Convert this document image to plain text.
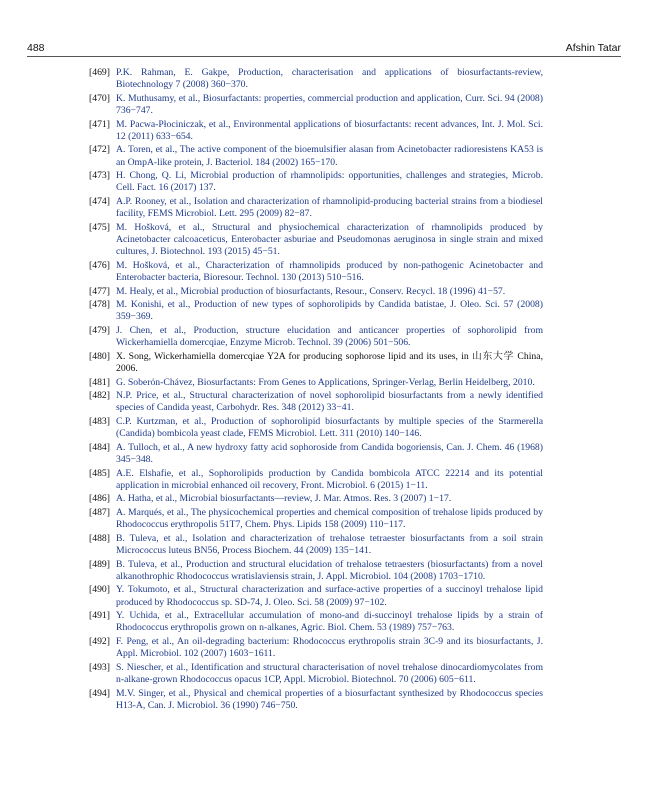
488	Afshin Tatar
[469] P.K. Rahman, E. Gakpe, Production, characterisation and applications of biosurfactants-review, Biotechnology 7 (2008) 360−370.
[470] K. Muthusamy, et al., Biosurfactants: properties, commercial production and application, Curr. Sci. 94 (2008) 736−747.
[471] M. Pacwa-Płociniczak, et al., Environmental applications of biosurfactants: recent advances, Int. J. Mol. Sci. 12 (2011) 633−654.
[472] A. Toren, et al., The active component of the bioemulsifier alasan from Acinetobacter radioresistens KA53 is an OmpA-like protein, J. Bacteriol. 184 (2002) 165−170.
[473] H. Chong, Q. Li, Microbial production of rhamnolipids: opportunities, challenges and strategies, Microb. Cell. Fact. 16 (2017) 137.
[474] A.P. Rooney, et al., Isolation and characterization of rhamnolipid-producing bacterial strains from a biodiesel facility, FEMS Microbiol. Lett. 295 (2009) 82−87.
[475] M. Hošková, et al., Structural and physiochemical characterization of rhamnolipids produced by Acinetobacter calcoaceticus, Enterobacter asburiae and Pseudomonas aeruginosa in single strain and mixed cultures, J. Biotechnol. 193 (2015) 45−51.
[476] M. Hošková, et al., Characterization of rhamnolipids produced by non-pathogenic Acinetobacter and Enterobacter bacteria, Bioresour. Technol. 130 (2013) 510−516.
[477] M. Healy, et al., Microbial production of biosurfactants, Resour., Conserv. Recycl. 18 (1996) 41−57.
[478] M. Konishi, et al., Production of new types of sophorolipids by Candida batistae, J. Oleo. Sci. 57 (2008) 359−369.
[479] J. Chen, et al., Production, structure elucidation and anticancer properties of sophorolipid from Wickerhamiella domercqiae, Enzyme Microb. Technol. 39 (2006) 501−506.
[480] X. Song, Wickerhamiella domercqiae Y2A for producing sophorose lipid and its uses, in 山东大学 China, 2006.
[481] G. Soberón-Chávez, Biosurfactants: From Genes to Applications, Springer-Verlag, Berlin Heidelberg, 2010.
[482] N.P. Price, et al., Structural characterization of novel sophorolipid biosurfactants from a newly identified species of Candida yeast, Carbohydr. Res. 348 (2012) 33−41.
[483] C.P. Kurtzman, et al., Production of sophorolipid biosurfactants by multiple species of the Starmerella (Candida) bombicola yeast clade, FEMS Microbiol. Lett. 311 (2010) 140−146.
[484] A. Tulloch, et al., A new hydroxy fatty acid sophoroside from Candida bogoriensis, Can. J. Chem. 46 (1968) 345−348.
[485] A.E. Elshafie, et al., Sophorolipids production by Candida bombicola ATCC 22214 and its potential application in microbial enhanced oil recovery, Front. Microbiol. 6 (2015) 1−11.
[486] A. Hatha, et al., Microbial biosurfactants—review, J. Mar. Atmos. Res. 3 (2007) 1−17.
[487] A. Marqués, et al., The physicochemical properties and chemical composition of trehalose lipids produced by Rhodococcus erythropolis 51T7, Chem. Phys. Lipids 158 (2009) 110−117.
[488] B. Tuleva, et al., Isolation and characterization of trehalose tetraester biosurfactants from a soil strain Micrococcus luteus BN56, Process Biochem. 44 (2009) 135−141.
[489] B. Tuleva, et al., Production and structural elucidation of trehalose tetraesters (biosurfactants) from a novel alkanothrophic Rhodococcus wratislaviensis strain, J. Appl. Microbiol. 104 (2008) 1703−1710.
[490] Y. Tokumoto, et al., Structural characterization and surface-active properties of a succinoyl trehalose lipid produced by Rhodococcus sp. SD-74, J. Oleo. Sci. 58 (2009) 97−102.
[491] Y. Uchida, et al., Extracellular accumulation of mono-and di-succinoyl trehalose lipids by a strain of Rhodococcus erythropolis grown on n-alkanes, Agric. Biol. Chem. 53 (1989) 757−763.
[492] F. Peng, et al., An oil-degrading bacterium: Rhodococcus erythropolis strain 3C-9 and its biosurfactants, J. Appl. Microbiol. 102 (2007) 1603−1611.
[493] S. Niescher, et al., Identification and structural characterisation of novel trehalose dinocardiomycolates from n-alkane-grown Rhodococcus opacus 1CP, Appl. Microbiol. Biotechnol. 70 (2006) 605−611.
[494] M.V. Singer, et al., Physical and chemical properties of a biosurfactant synthesized by Rhodococcus species H13-A, Can. J. Microbiol. 36 (1990) 746−750.
